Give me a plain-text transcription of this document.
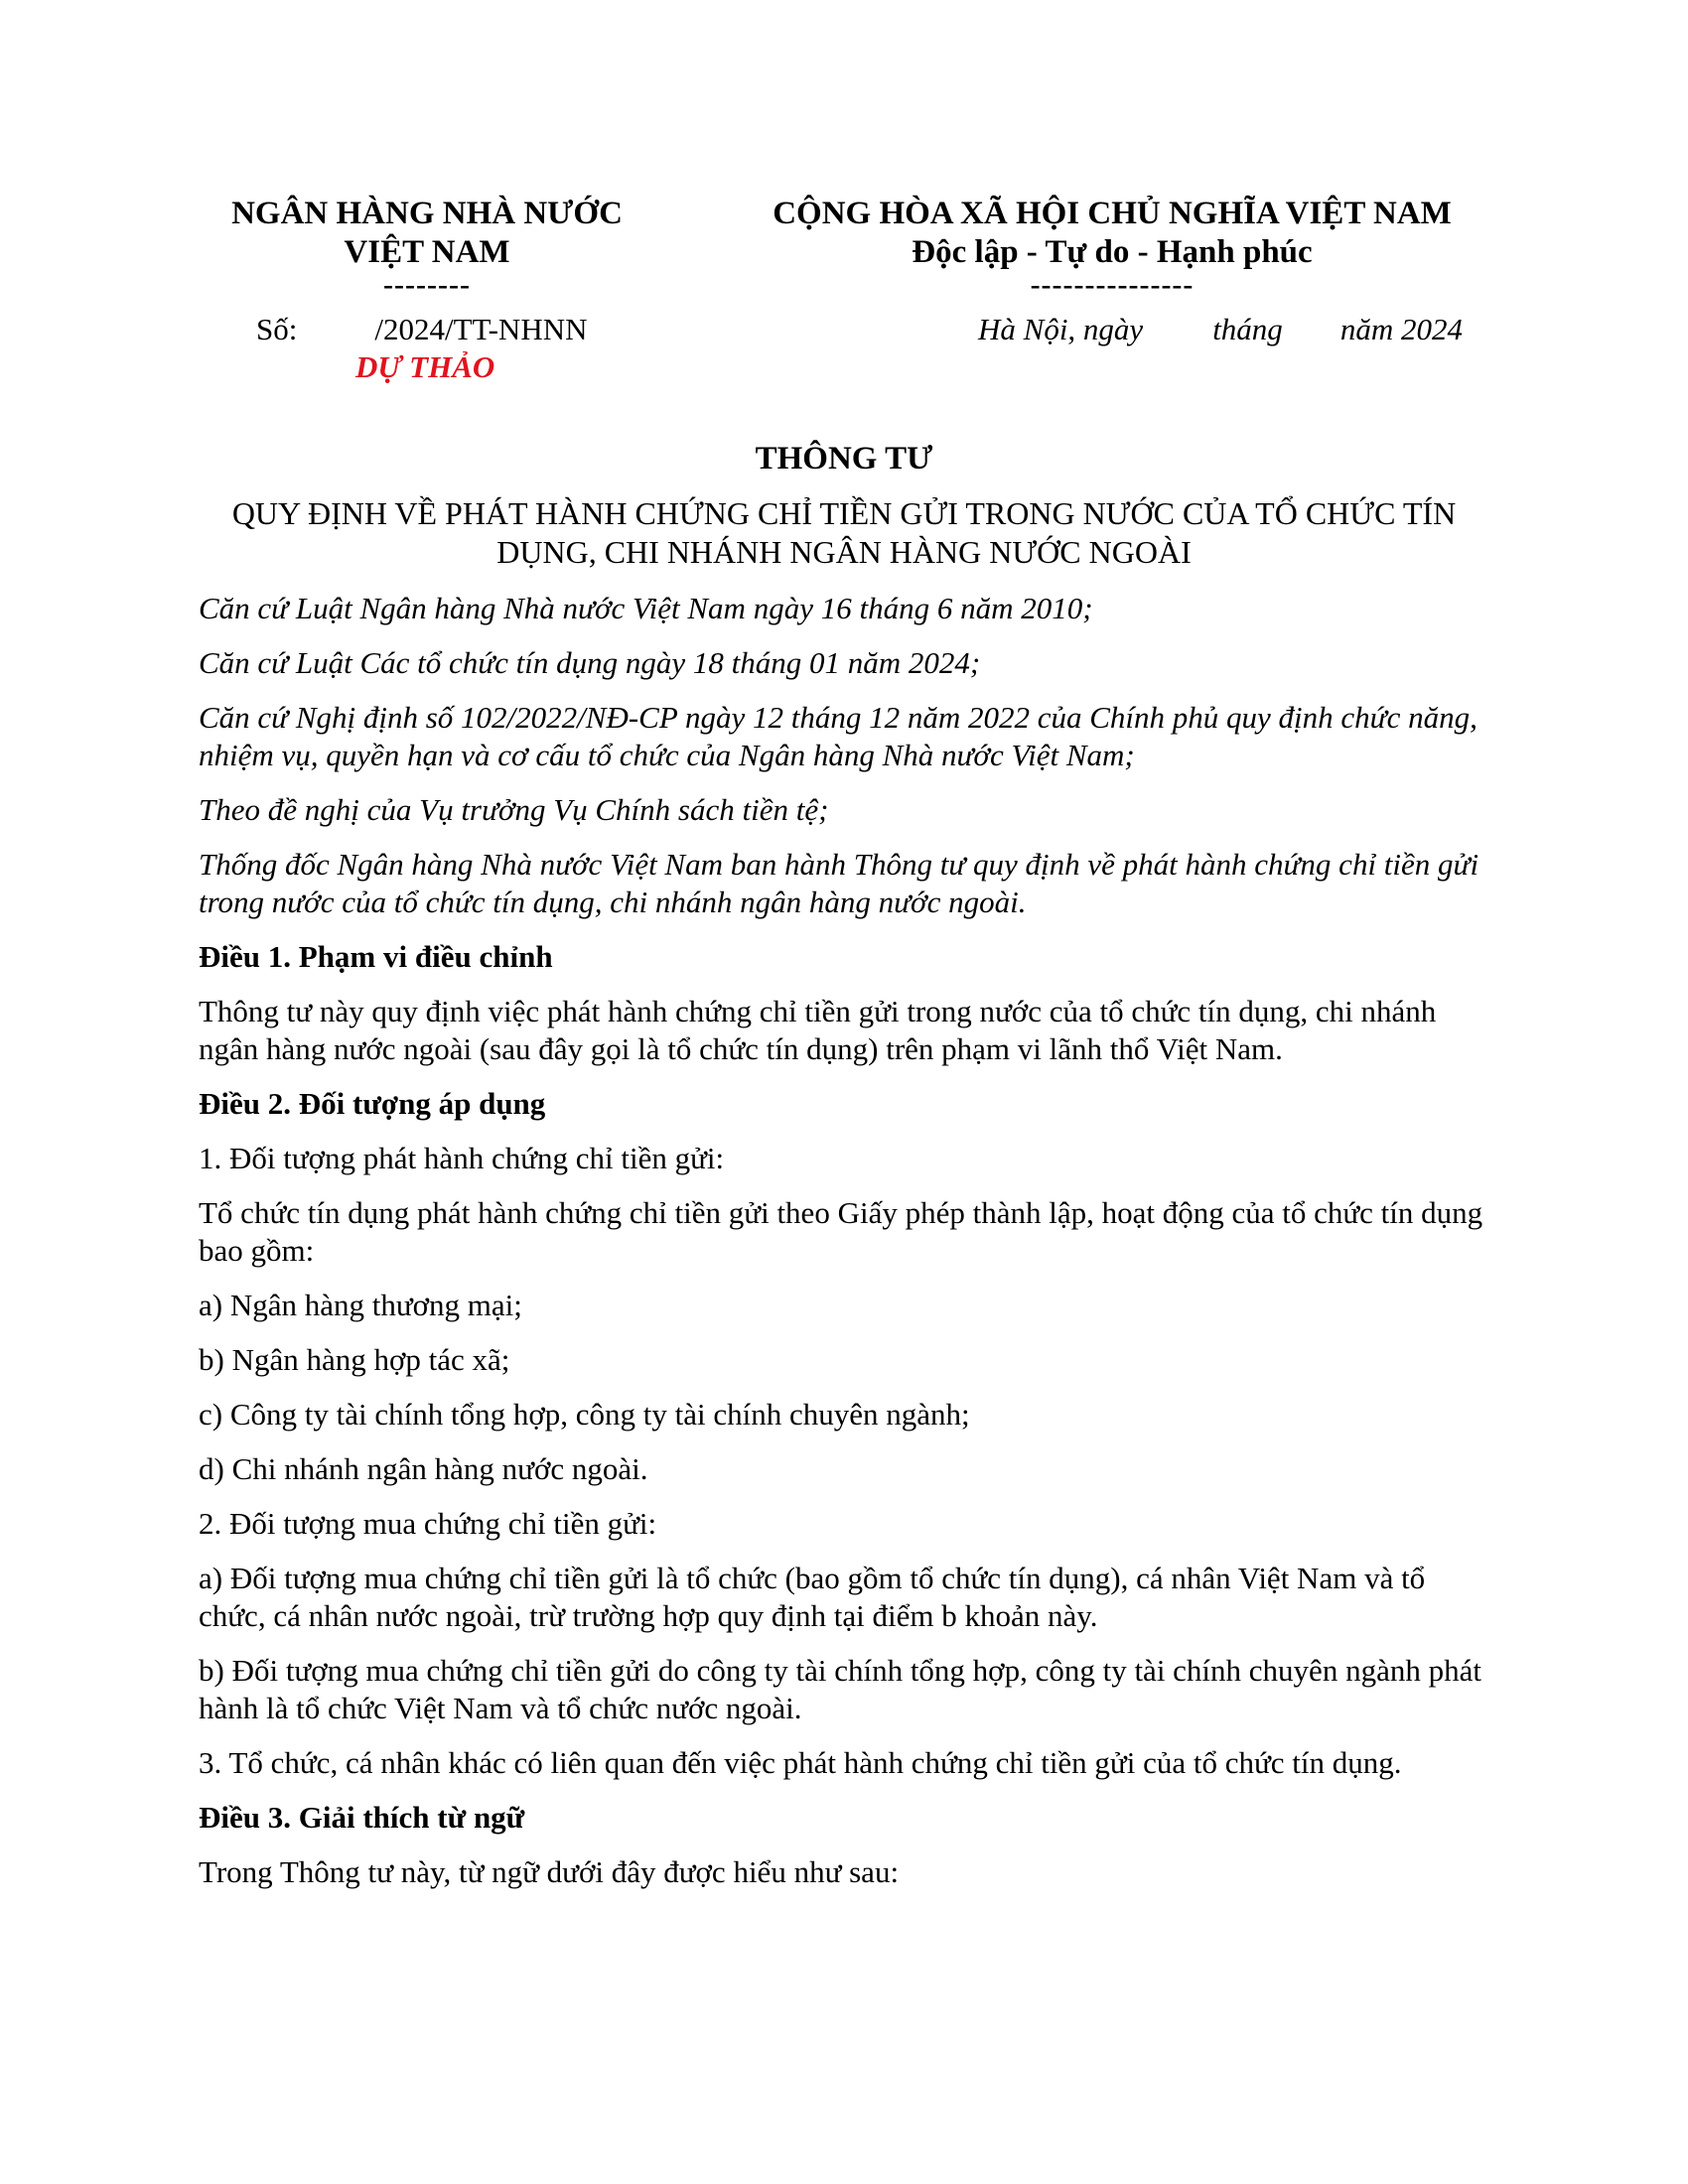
NGÂN HÀNG NHÀ NƯỚC
VIỆT NAM
--------
CỘNG HÒA XÃ HỘI CHỦ NGHĨA VIỆT NAM
Độc lập - Tự do - Hạnh phúc
---------------
Số:	/2024/TT-NHNN
DỰ THẢO
Hà Nội, ngày tháng năm 2024
THÔNG TƯ
QUY ĐỊNH VỀ PHÁT HÀNH CHỨNG CHỈ TIỀN GỬI TRONG NƯỚC CỦA TỔ CHỨC TÍN
DỤNG, CHI NHÁNH NGÂN HÀNG NƯỚC NGOÀI

Căn cứ Luật Ngân hàng Nhà nước Việt Nam ngày 16 tháng 6 năm 2010;

Căn cứ Luật Các tổ chức tín dụng ngày 18 tháng 01 năm 2024;

Căn cứ Nghị định số 102/2022/NĐ-CP ngày 12 tháng 12 năm 2022 của Chính phủ quy định chức năng, nhiệm vụ, quyền hạn và cơ cấu tổ chức của Ngân hàng Nhà nước Việt Nam;

Theo đề nghị của Vụ trưởng Vụ Chính sách tiền tệ;

Thống đốc Ngân hàng Nhà nước Việt Nam ban hành Thông tư quy định về phát hành chứng chỉ tiền gửi trong nước của tổ chức tín dụng, chi nhánh ngân hàng nước ngoài.

Điều 1. Phạm vi điều chỉnh

Thông tư này quy định việc phát hành chứng chỉ tiền gửi trong nước của tổ chức tín dụng, chi nhánh ngân hàng nước ngoài (sau đây gọi là tổ chức tín dụng) trên phạm vi lãnh thổ Việt Nam.

Điều 2. Đối tượng áp dụng

1. Đối tượng phát hành chứng chỉ tiền gửi:

Tổ chức tín dụng phát hành chứng chỉ tiền gửi theo Giấy phép thành lập, hoạt động của tổ chức tín dụng bao gồm:

a) Ngân hàng thương mại;

b) Ngân hàng hợp tác xã;

c) Công ty tài chính tổng hợp, công ty tài chính chuyên ngành;

d) Chi nhánh ngân hàng nước ngoài.

2. Đối tượng mua chứng chỉ tiền gửi:

a) Đối tượng mua chứng chỉ tiền gửi là tổ chức (bao gồm tổ chức tín dụng), cá nhân Việt Nam và tổ chức, cá nhân nước ngoài, trừ trường hợp quy định tại điểm b khoản này.

b) Đối tượng mua chứng chỉ tiền gửi do công ty tài chính tổng hợp, công ty tài chính chuyên ngành phát hành là tổ chức Việt Nam và tổ chức nước ngoài.

3. Tổ chức, cá nhân khác có liên quan đến việc phát hành chứng chỉ tiền gửi của tổ chức tín dụng.

Điều 3. Giải thích từ ngữ

Trong Thông tư này, từ ngữ dưới đây được hiểu như sau:
